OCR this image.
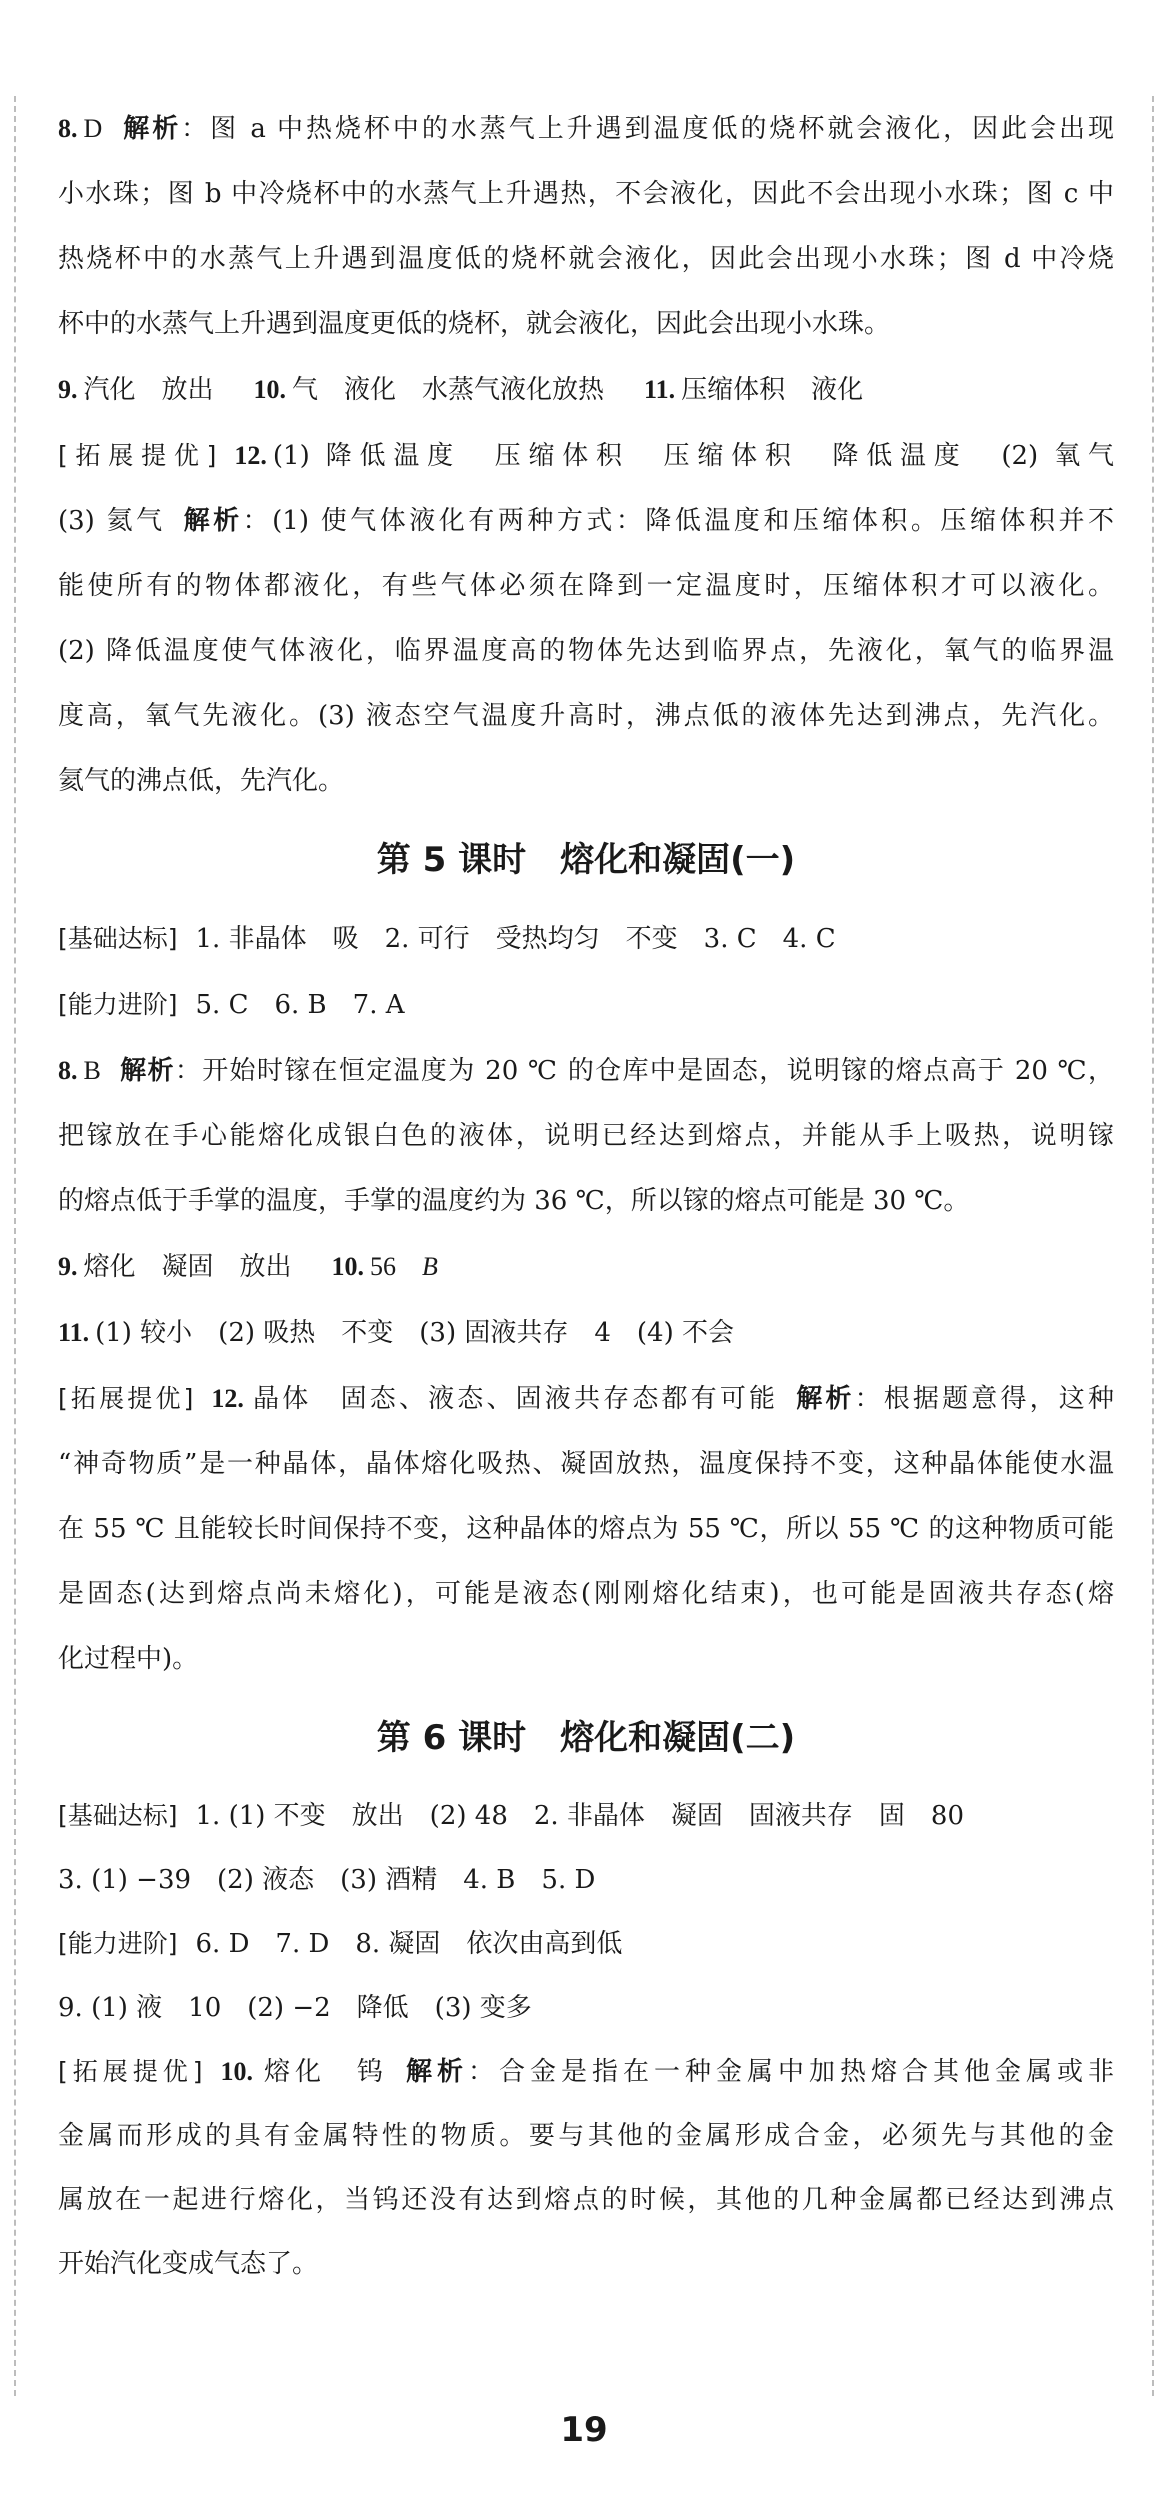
8. D 解析：图 a 中热烧杯中的水蒸气上升遇到温度低的烧杯就会液化，因此会出现

小水珠；图 b 中冷烧杯中的水蒸气上升遇热，不会液化，因此不会出现小水珠；图 c 中

热烧杯中的水蒸气上升遇到温度低的烧杯就会液化，因此会出现小水珠；图 d 中冷烧

杯中的水蒸气上升遇到温度更低的烧杯，就会液化，因此会出现小水珠。

9. 汽化　放出 10. 气　液化　水蒸气液化放热 11. 压缩体积　液化

[拓展提优] 12. (1) 降低温度　压缩体积　压缩体积　降低温度　(2) 氧气

(3) 氦气 解析：(1) 使气体液化有两种方式：降低温度和压缩体积。压缩体积并不

能使所有的物体都液化，有些气体必须在降到一定温度时，压缩体积才可以液化。

(2) 降低温度使气体液化，临界温度高的物体先达到临界点，先液化，氧气的临界温

度高，氧气先液化。(3) 液态空气温度升高时，沸点低的液体先达到沸点，先汽化。

氦气的沸点低，先汽化。

第 5 课时　熔化和凝固(一)

[基础达标] 1. 非晶体　吸　2. 可行　受热均匀　不变　3. C　4. C

[能力进阶] 5. C　6. B　7. A

8. B 解析：开始时镓在恒定温度为 20 ℃ 的仓库中是固态，说明镓的熔点高于 20 ℃，

把镓放在手心能熔化成银白色的液体，说明已经达到熔点，并能从手上吸热，说明镓

的熔点低于手掌的温度，手掌的温度约为 36 ℃，所以镓的熔点可能是 30 ℃。

9. 熔化　凝固　放出 10. 56 B

11. (1) 较小　(2) 吸热　不变　(3) 固液共存　4　(4) 不会

[拓展提优] 12. 晶体　固态、液态、固液共存态都有可能 解析：根据题意得，这种

“神奇物质”是一种晶体，晶体熔化吸热、凝固放热，温度保持不变，这种晶体能使水温

在 55 ℃ 且能较长时间保持不变，这种晶体的熔点为 55 ℃，所以 55 ℃ 的这种物质可能

是固态(达到熔点尚未熔化)，可能是液态(刚刚熔化结束)，也可能是固液共存态(熔

化过程中)。

第 6 课时　熔化和凝固(二)

[基础达标] 1. (1) 不变　放出　(2) 48　2. 非晶体　凝固　固液共存　固　80

3. (1) −39　(2) 液态　(3) 酒精　4. B　5. D

[能力进阶] 6. D　7. D　8. 凝固　依次由高到低

9. (1) 液　10　(2) −2　降低　(3) 变多

[拓展提优] 10. 熔化　钨 解析：合金是指在一种金属中加热熔合其他金属或非

金属而形成的具有金属特性的物质。要与其他的金属形成合金，必须先与其他的金

属放在一起进行熔化，当钨还没有达到熔点的时候，其他的几种金属都已经达到沸点

开始汽化变成气态了。

19
